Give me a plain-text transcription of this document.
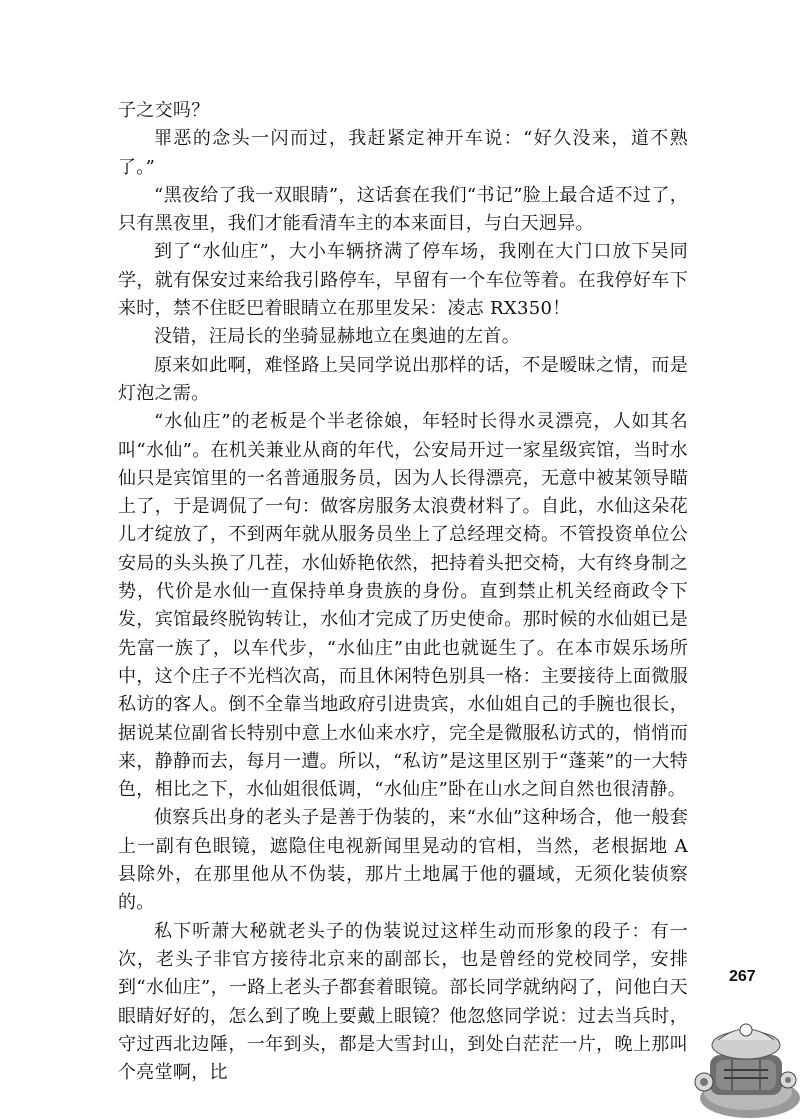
子之交吗？

罪恶的念头一闪而过，我赶紧定神开车说：“好久没来，道不熟了。”

“黑夜给了我一双眼睛”，这话套在我们“书记”脸上最合适不过了，只有黑夜里，我们才能看清车主的本来面目，与白天迥异。

到了“水仙庄”，大小车辆挤满了停车场，我刚在大门口放下吴同学，就有保安过来给我引路停车，早留有一个车位等着。在我停好车下来时，禁不住眨巴着眼睛立在那里发呆：凌志 RX350！

没错，汪局长的坐骑显赫地立在奥迪的左首。

原来如此啊，难怪路上吴同学说出那样的话，不是暧昧之情，而是灯泡之需。

“水仙庄”的老板是个半老徐娘，年轻时长得水灵漂亮，人如其名叫“水仙”。在机关兼业从商的年代，公安局开过一家星级宾馆，当时水仙只是宾馆里的一名普通服务员，因为人长得漂亮，无意中被某领导瞄上了，于是调侃了一句：做客房服务太浪费材料了。自此，水仙这朵花儿才绽放了，不到两年就从服务员坐上了总经理交椅。不管投资单位公安局的头头换了几茬，水仙娇艳依然，把持着头把交椅，大有终身制之势，代价是水仙一直保持单身贵族的身份。直到禁止机关经商政令下发，宾馆最终脱钩转让，水仙才完成了历史使命。那时候的水仙姐已是先富一族了，以车代步，“水仙庄”由此也就诞生了。在本市娱乐场所中，这个庄子不光档次高，而且休闲特色别具一格：主要接待上面微服私访的客人。倒不全靠当地政府引进贵宾，水仙姐自己的手腕也很长，据说某位副省长特别中意上水仙来水疗，完全是微服私访式的，悄悄而来，静静而去，每月一遭。所以，“私访”是这里区别于“蓬莱”的一大特色，相比之下，水仙姐很低调，“水仙庄”卧在山水之间自然也很清静。

侦察兵出身的老头子是善于伪装的，来“水仙”这种场合，他一般套上一副有色眼镜，遮隐住电视新闻里晃动的官相，当然，老根据地 A 县除外，在那里他从不伪装，那片土地属于他的疆域，无须化装侦察的。

私下听萧大秘就老头子的伪装说过这样生动而形象的段子：有一次，老头子非官方接待北京来的副部长，也是曾经的党校同学，安排到“水仙庄”，一路上老头子都套着眼镜。部长同学就纳闷了，问他白天眼睛好好的，怎么到了晚上要戴上眼镜？他忽悠同学说：过去当兵时，守过西北边陲，一年到头，都是大雪封山，到处白茫茫一片，晚上那叫个亮堂啊，比

267
